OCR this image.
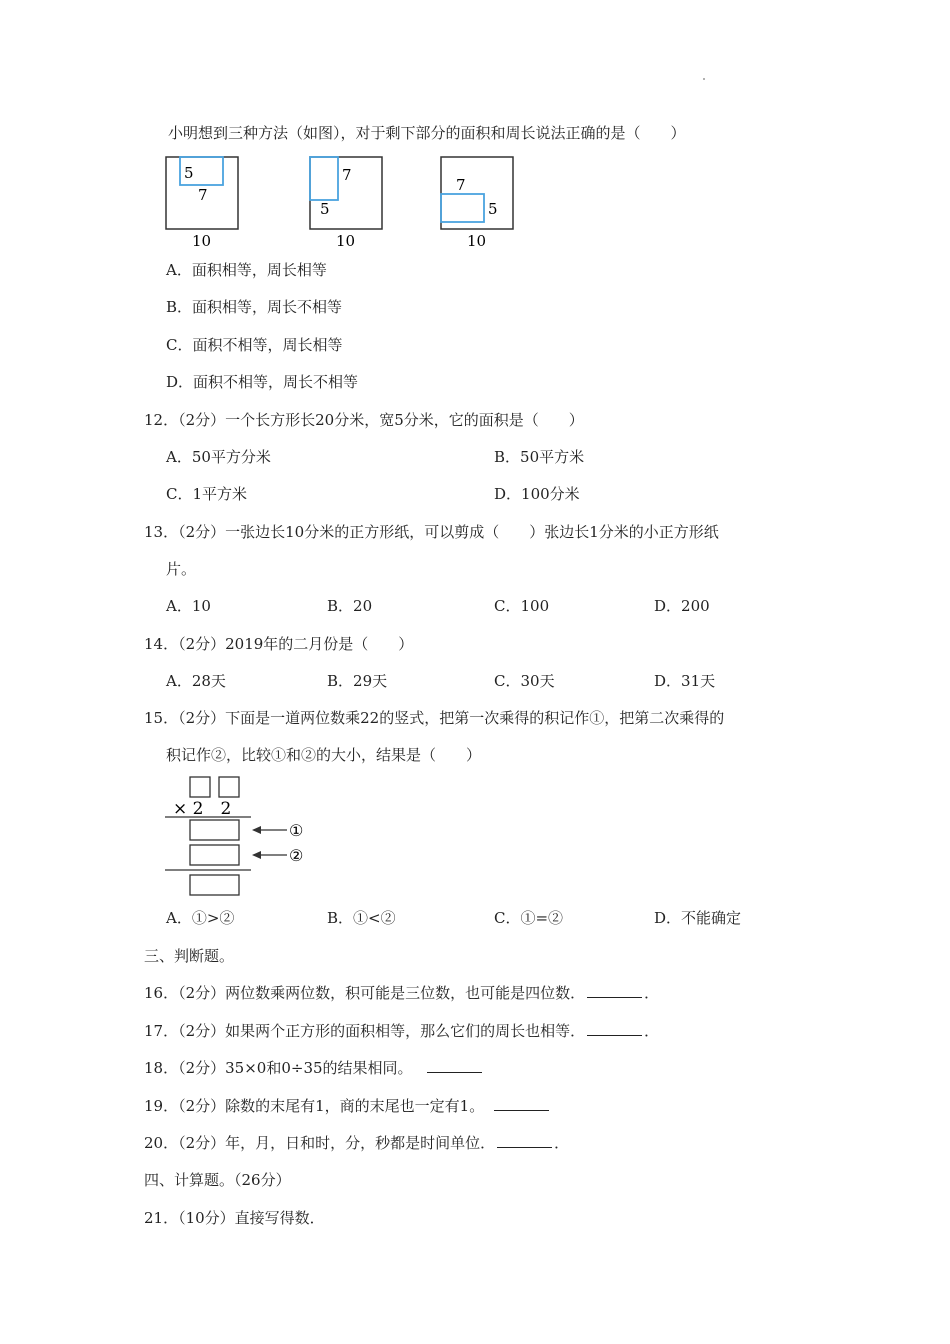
小明想到三种方法（如图），对于剩下部分的面积和周长说法正确的是（　　）
5
7
10
7
5
10
7
5
10
A．面积相等，周长相等
B．面积相等，周长不相等
C．面积不相等，周长相等
D．面积不相等，周长不相等
12．（2分）一个长方形长20分米，宽5分米，它的面积是（　　）
A．50平方分米	B．50平方米
C．1平方米	D．100分米
13．（2分）一张边长10分米的正方形纸，可以剪成（　　）张边长1分米的小正方形纸
片。
A．10	B．20	C．100	D．200
14．（2分）2019年的二月份是（　　）
A．28天	B．29天	C．30天	D．31天
15．（2分）下面是一道两位数乘22的竖式，把第一次乘得的积记作①，把第二次乘得的
积记作②，比较①和②的大小，结果是（　　）
× 2　2
①
②
A．①>②	B．①<②	C．①=②	D．不能确定
三、判断题。
16．（2分）两位数乘两位数，积可能是三位数，也可能是四位数．	．
17．（2分）如果两个正方形的面积相等，那么它们的周长也相等．	．
18．（2分）35×0和0÷35的结果相同。
19．（2分）除数的末尾有1，商的末尾也一定有1。
20．（2分）年，月，日和时，分，秒都是时间单位．	．
四、计算题。（26分）
21．（10分）直接写得数．
